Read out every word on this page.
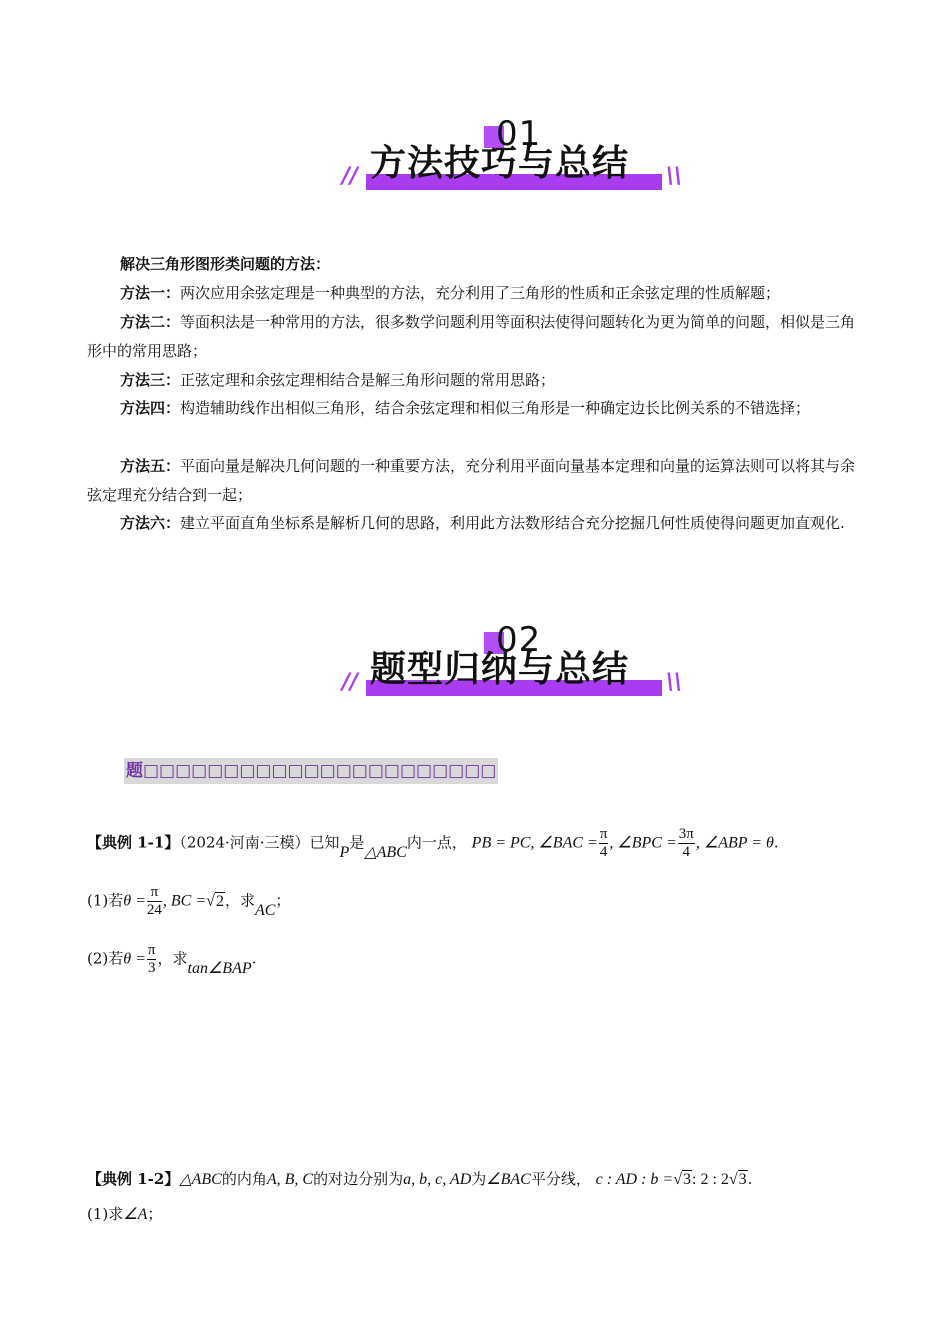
01
方法技巧与总结
//	\\
解决三角形图形类问题的方法：
方法一：两次应用余弦定理是一种典型的方法，充分利用了三角形的性质和正余弦定理的性质解题；
方法二：等面积法是一种常用的方法，很多数学问题利用等面积法使得问题转化为更为简单的问题，相似是三角形中的常用思路；
方法三：正弦定理和余弦定理相结合是解三角形问题的常用思路；
方法四：构造辅助线作出相似三角形，结合余弦定理和相似三角形是一种确定边长比例关系的不错选择；
方法五：平面向量是解决几何问题的一种重要方法，充分利用平面向量基本定理和向量的运算法则可以将其与余弦定理充分结合到一起；
方法六：建立平面直角坐标系是解析几何的思路，利用此方法数形结合充分挖掘几何性质使得问题更加直观化.
02
题型归纳与总结
//	\\
题□□□□□□□□□□□□□□□□□□□□□□
【典例 1-1】（2024·河南·三模）已知P是△ABC内一点， PB = PC, ∠BAC = $\frac{\pi}{4}$ , ∠BPC = $\frac{3\pi}{4}$ , ∠ABP = θ.
(1)若$\theta = \frac{\pi}{24}$ , BC =√2，求AC；
(2)若$\theta = \frac{\pi}{3}$ ，求tan∠BAP.
【典例 1-2】△ABC的内角A, B, C的对边分别为a, b, c, AD为∠BAC平分线， c : AD : b =√3: 2 : 2√3.
(1)求∠A；
